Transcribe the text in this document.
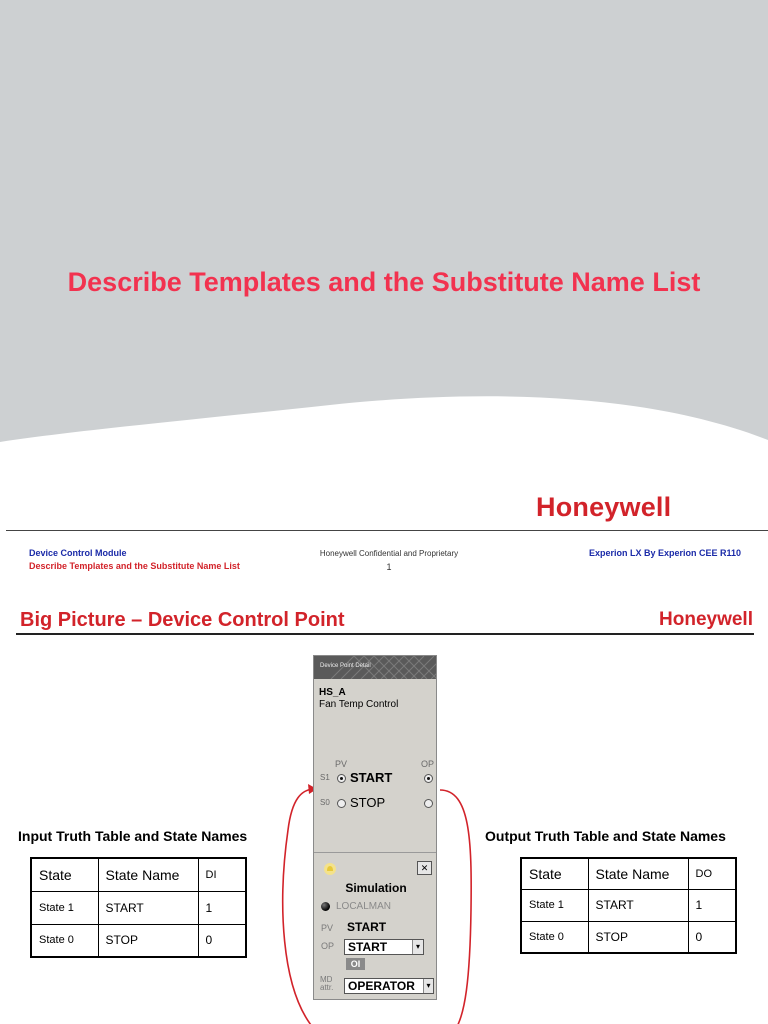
Describe Templates and the Substitute Name List
Honeywell
Device Control Module
Describe Templates and the Substitute Name List
Honeywell Confidential and Proprietary
1
Experion LX By Experion CEE R110
Big Picture – Device Control Point	Honeywell
Device Point Detail
HS_A
Fan Temp Control
PV	OP
S1
S0
START
STOP
✕
Simulation
LOCALMAN
PV START
OP	START	▾
OI
MD
attr.	OPERATOR	▾
Input Truth Table and State Names
State	State Name	DI
State 1	START	1
State 0	STOP	0
Output Truth Table and State Names
State	State Name	DO
State 1	START	1
State 0	STOP	0
